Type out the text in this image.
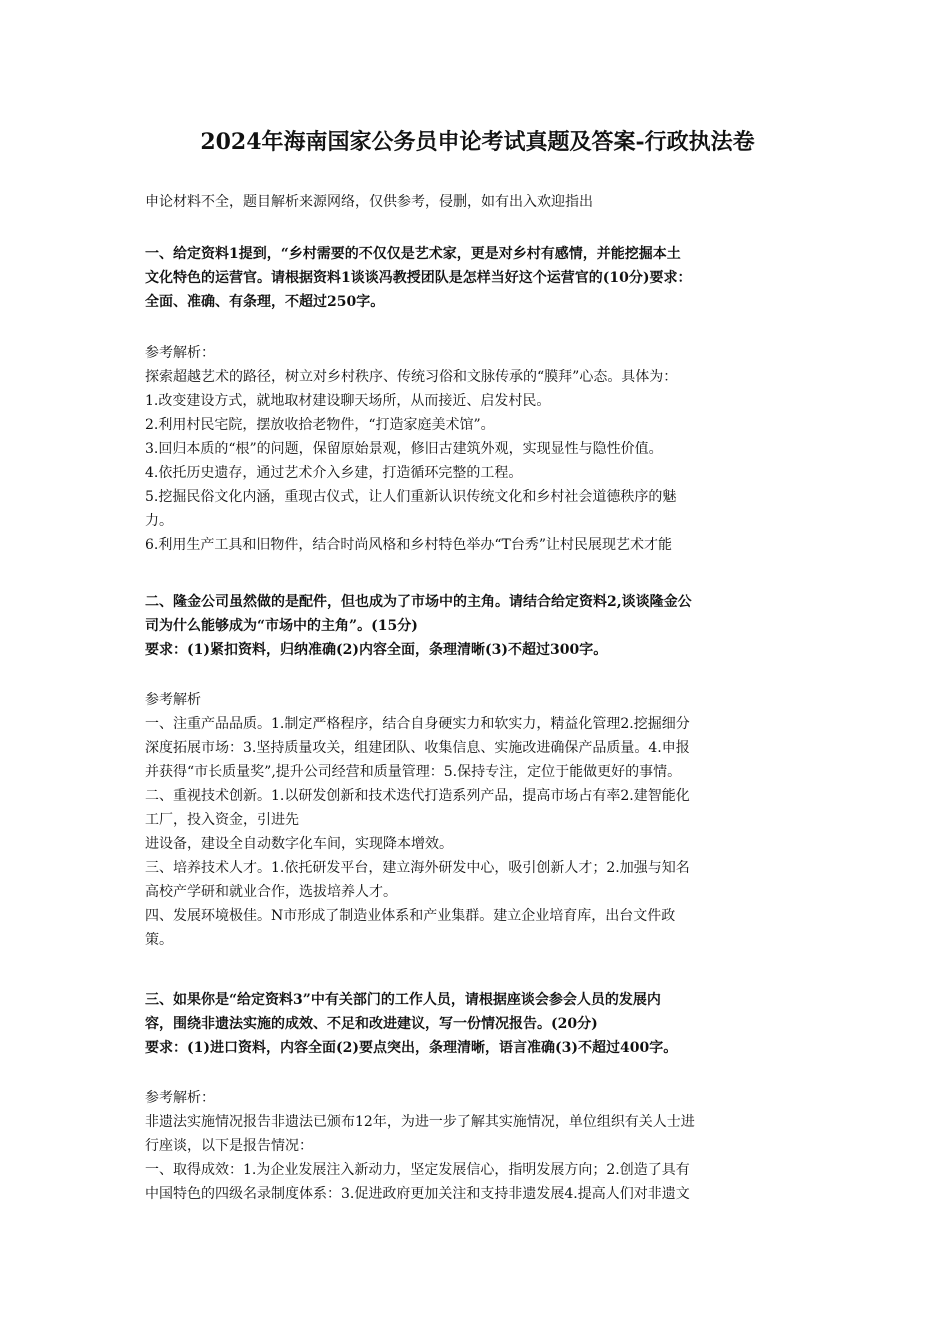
2024年海南国家公务员申论考试真题及答案-行政执法卷
申论材料不全，题目解析来源网络，仅供参考，侵删，如有出入欢迎指出
一、给定资料1提到，“乡村需要的不仅仅是艺术家，更是对乡村有感情，并能挖掘本土
文化特色的运营官。请根据资料1谈谈冯教授团队是怎样当好这个运营官的(10分)要求：
全面、准确、有条理，不超过250字。
参考解析：
探索超越艺术的路径，树立对乡村秩序、传统习俗和文脉传承的“膜拜”心态。具体为：
1.改变建设方式，就地取材建设聊天场所，从而接近、启发村民。
2.利用村民宅院，摆放收拾老物件，“打造家庭美术馆”。
3.回归本质的“根”的问题，保留原始景观，修旧古建筑外观，实现显性与隐性价值。
4.依托历史遗存，通过艺术介入乡建，打造循环完整的工程。
5.挖掘民俗文化内涵，重现古仪式，让人们重新认识传统文化和乡村社会道德秩序的魅
力。
6.利用生产工具和旧物件，结合时尚风格和乡村特色举办“T台秀”让村民展现艺术才能
二、隆金公司虽然做的是配件，但也成为了市场中的主角。请结合给定资料2,谈谈隆金公
司为什么能够成为“市场中的主角”。(15分)
要求：(1)紧扣资料，归纳准确(2)内容全面，条理清晰(3)不超过300字。
参考解析
一、注重产品品质。1.制定严格程序，结合自身硬实力和软实力，精益化管理2.挖掘细分
深度拓展市场：3.坚持质量攻关，组建团队、收集信息、实施改进确保产品质量。4.申报
并获得“市长质量奖”,提升公司经营和质量管理：5.保持专注，定位于能做更好的事情。
二、重视技术创新。1.以研发创新和技术迭代打造系列产品，提高市场占有率2.建智能化
工厂，投入资金，引进先
进设备，建设全自动数字化车间，实现降本增效。
三、培养技术人才。1.依托研发平台，建立海外研发中心，吸引创新人才；2.加强与知名
高校产学研和就业合作，选拔培养人才。
四、发展环境极佳。N市形成了制造业体系和产业集群。建立企业培育库，出台文件政
策。
三、如果你是“给定资料3”中有关部门的工作人员，请根据座谈会参会人员的发展内
容，围绕非遗法实施的成效、不足和改进建议，写一份情况报告。(20分)
要求：(1)进口资料，内容全面(2)要点突出，条理清晰，语言准确(3)不超过400字。
参考解析：
非遗法实施情况报告非遗法已颁布12年，为进一步了解其实施情况，单位组织有关人士进
行座谈，以下是报告情况：
一、取得成效：1.为企业发展注入新动力，坚定发展信心，指明发展方向；2.创造了具有
中国特色的四级名录制度体系：3.促进政府更加关注和支持非遗发展4.提高人们对非遗文
